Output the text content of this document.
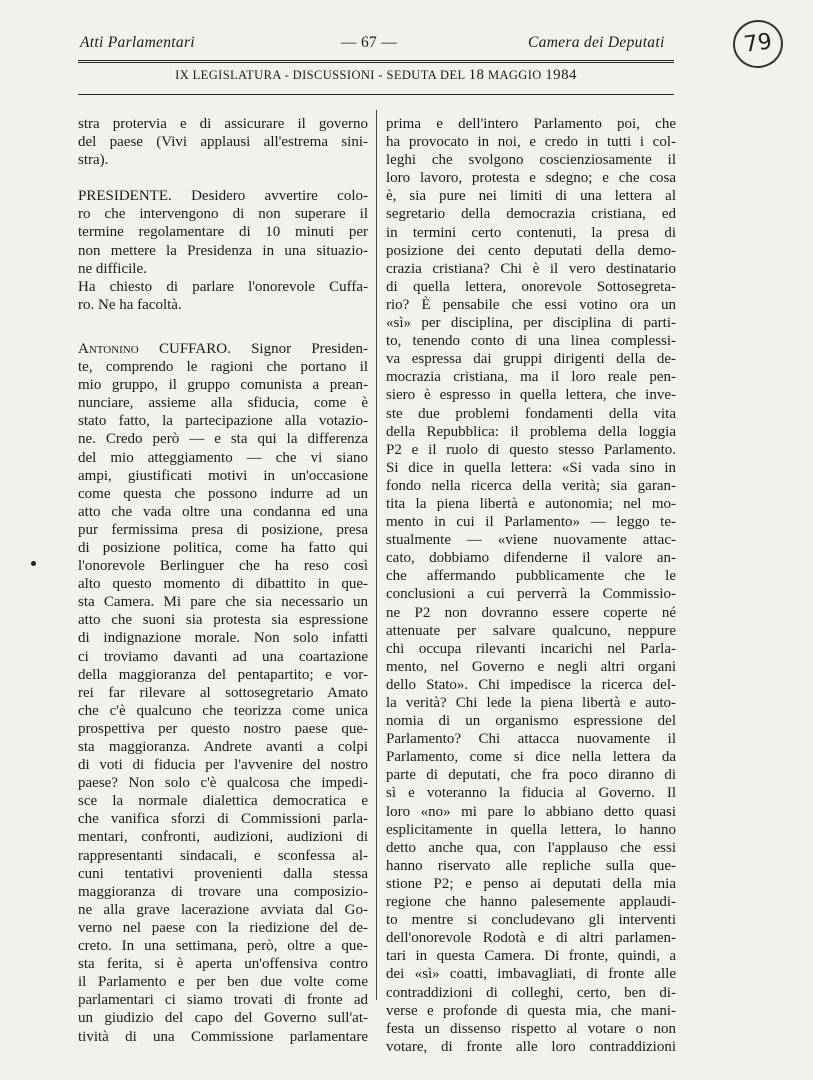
Atti Parlamentari	— 67 —	Camera dei Deputati	79
IX LEGISLATURA - DISCUSSIONI - SEDUTA DEL 18 MAGGIO 1984
stra protervia e di assicurare il governo
del paese (Vivi applausi all'estrema sini-
stra).
PRESIDENTE. Desidero avvertire colo-
ro che intervengono di non superare il
termine regolamentare di 10 minuti per
non mettere la Presidenza in una situazio-
ne difficile.
Ha chiesto di parlare l'onorevole Cuffa-
ro. Ne ha facoltà.
Antonino CUFFARO. Signor Presiden-
te, comprendo le ragioni che portano il
mio gruppo, il gruppo comunista a prean-
nunciare, assieme alla sfiducia, come è
stato fatto, la partecipazione alla votazio-
ne. Credo però — e sta qui la differenza
del mio atteggiamento — che vi siano
ampi, giustificati motivi in un'occasione
come questa che possono indurre ad un
atto che vada oltre una condanna ed una
pur fermissima presa di posizione, presa
di posizione politica, come ha fatto qui
l'onorevole Berlinguer che ha reso così
alto questo momento di dibattito in que-
sta Camera. Mi pare che sia necessario un
atto che suoni sia protesta sia espressione
di indignazione morale. Non solo infatti
ci troviamo davanti ad una coartazione
della maggioranza del pentapartito; e vor-
rei far rilevare al sottosegretario Amato
che c'è qualcuno che teorizza come unica
prospettiva per questo nostro paese que-
sta maggioranza. Andrete avanti a colpi
di voti di fiducia per l'avvenire del nostro
paese? Non solo c'è qualcosa che impedi-
sce la normale dialettica democratica e
che vanifica sforzi di Commissioni parla-
mentari, confronti, audizioni, audizioni di
rappresentanti sindacali, e sconfessa al-
cuni tentativi provenienti dalla stessa
maggioranza di trovare una composizio-
ne alla grave lacerazione avviata dal Go-
verno nel paese con la riedizione del de-
creto. In una settimana, però, oltre a que-
sta ferita, si è aperta un'offensiva contro
il Parlamento e per ben due volte come
parlamentari ci siamo trovati di fronte ad
un giudizio del capo del Governo sull'at-
tività di una Commissione parlamentare
prima e dell'intero Parlamento poi, che
ha provocato in noi, e credo in tutti i col-
leghi che svolgono coscienziosamente il
loro lavoro, protesta e sdegno; e che cosa
è, sia pure nei limiti di una lettera al
segretario della democrazia cristiana, ed
in termini certo contenuti, la presa di
posizione dei cento deputati della demo-
crazia cristiana? Chi è il vero destinatario
di quella lettera, onorevole Sottosegreta-
rio? È pensabile che essi votino ora un
«sì» per disciplina, per disciplina di parti-
to, tenendo conto di una linea complessi-
va espressa dai gruppi dirigenti della de-
mocrazia cristiana, ma il loro reale pen-
siero è espresso in quella lettera, che inve-
ste due problemi fondamenti della vita
della Repubblica: il problema della loggia
P2 e il ruolo di questo stesso Parlamento.
Si dice in quella lettera: «Si vada sino in
fondo nella ricerca della verità; sia garan-
tita la piena libertà e autonomia; nel mo-
mento in cui il Parlamento» — leggo te-
stualmente — «viene nuovamente attac-
cato, dobbiamo difenderne il valore an-
che affermando pubblicamente che le
conclusioni a cui perverrà la Commissio-
ne P2 non dovranno essere coperte né
attenuate per salvare qualcuno, neppure
chi occupa rilevanti incarichi nel Parla-
mento, nel Governo e negli altri organi
dello Stato». Chi impedisce la ricerca del-
la verità? Chi lede la piena libertà e auto-
nomia di un organismo espressione del
Parlamento? Chi attacca nuovamente il
Parlamento, come si dice nella lettera da
parte di deputati, che fra poco diranno di
sì e voteranno la fiducia al Governo. Il
loro «no» mi pare lo abbiano detto quasi
esplicitamente in quella lettera, lo hanno
detto anche qua, con l'applauso che essi
hanno riservato alle repliche sulla que-
stione P2; e penso ai deputati della mia
regione che hanno palesemente applaudi-
to mentre si concludevano gli interventi
dell'onorevole Rodotà e di altri parlamen-
tari in questa Camera. Di fronte, quindi, a
dei «sì» coatti, imbavagliati, di fronte alle
contraddizioni di colleghi, certo, ben di-
verse e profonde di questa mia, che mani-
festa un dissenso rispetto al votare o non
votare, di fronte alle loro contraddizioni
